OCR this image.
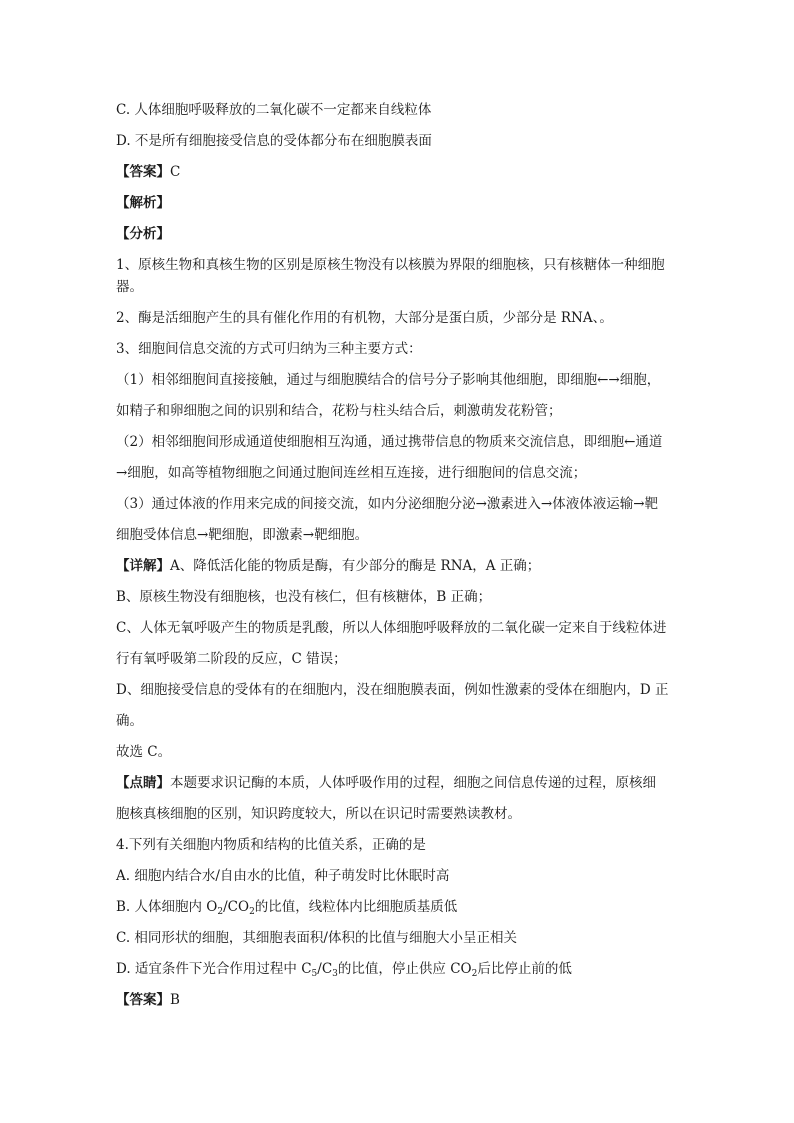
C. 人体细胞呼吸释放的二氧化碳不一定都来自线粒体
D. 不是所有细胞接受信息的受体都分布在细胞膜表面
【答案】C
【解析】
【分析】
1、原核生物和真核生物的区别是原核生物没有以核膜为界限的细胞核，只有核糖体一种细胞
器。
2、酶是活细胞产生的具有催化作用的有机物，大部分是蛋白质，少部分是 RNA、。
3、细胞间信息交流的方式可归纳为三种主要方式：
（1）相邻细胞间直接接触，通过与细胞膜结合的信号分子影响其他细胞，即细胞←→细胞，
如精子和卵细胞之间的识别和结合，花粉与柱头结合后，刺激萌发花粉管；
（2）相邻细胞间形成通道使细胞相互沟通，通过携带信息的物质来交流信息，即细胞←通道
→细胞，如高等植物细胞之间通过胞间连丝相互连接，进行细胞间的信息交流；
（3）通过体液的作用来完成的间接交流，如内分泌细胞分泌→激素进入→体液体液运输→靶
细胞受体信息→靶细胞，即激素→靶细胞。
【详解】A、降低活化能的物质是酶，有少部分的酶是 RNA，A 正确；
B、原核生物没有细胞核，也没有核仁，但有核糖体，B 正确；
C、人体无氧呼吸产生的物质是乳酸，所以人体细胞呼吸释放的二氧化碳一定来自于线粒体进
行有氧呼吸第二阶段的反应，C 错误；
D、细胞接受信息的受体有的在细胞内，没在细胞膜表面，例如性激素的受体在细胞内，D 正
确。
故选 C。
【点睛】本题要求识记酶的本质，人体呼吸作用的过程，细胞之间信息传递的过程，原核细
胞核真核细胞的区别，知识跨度较大，所以在识记时需要熟读教材。
4.下列有关细胞内物质和结构的比值关系，正确的是
A. 细胞内结合水/自由水的比值，种子萌发时比休眠时高
B. 人体细胞内 $O_2/CO_2$的比值，线粒体内比细胞质基质低
C. 相同形状的细胞，其细胞表面积/体积的比值与细胞大小呈正相关
D. 适宜条件下光合作用过程中 $C_5/C_3$的比值，停止供应 $CO_2$后比停止前的低
【答案】B
